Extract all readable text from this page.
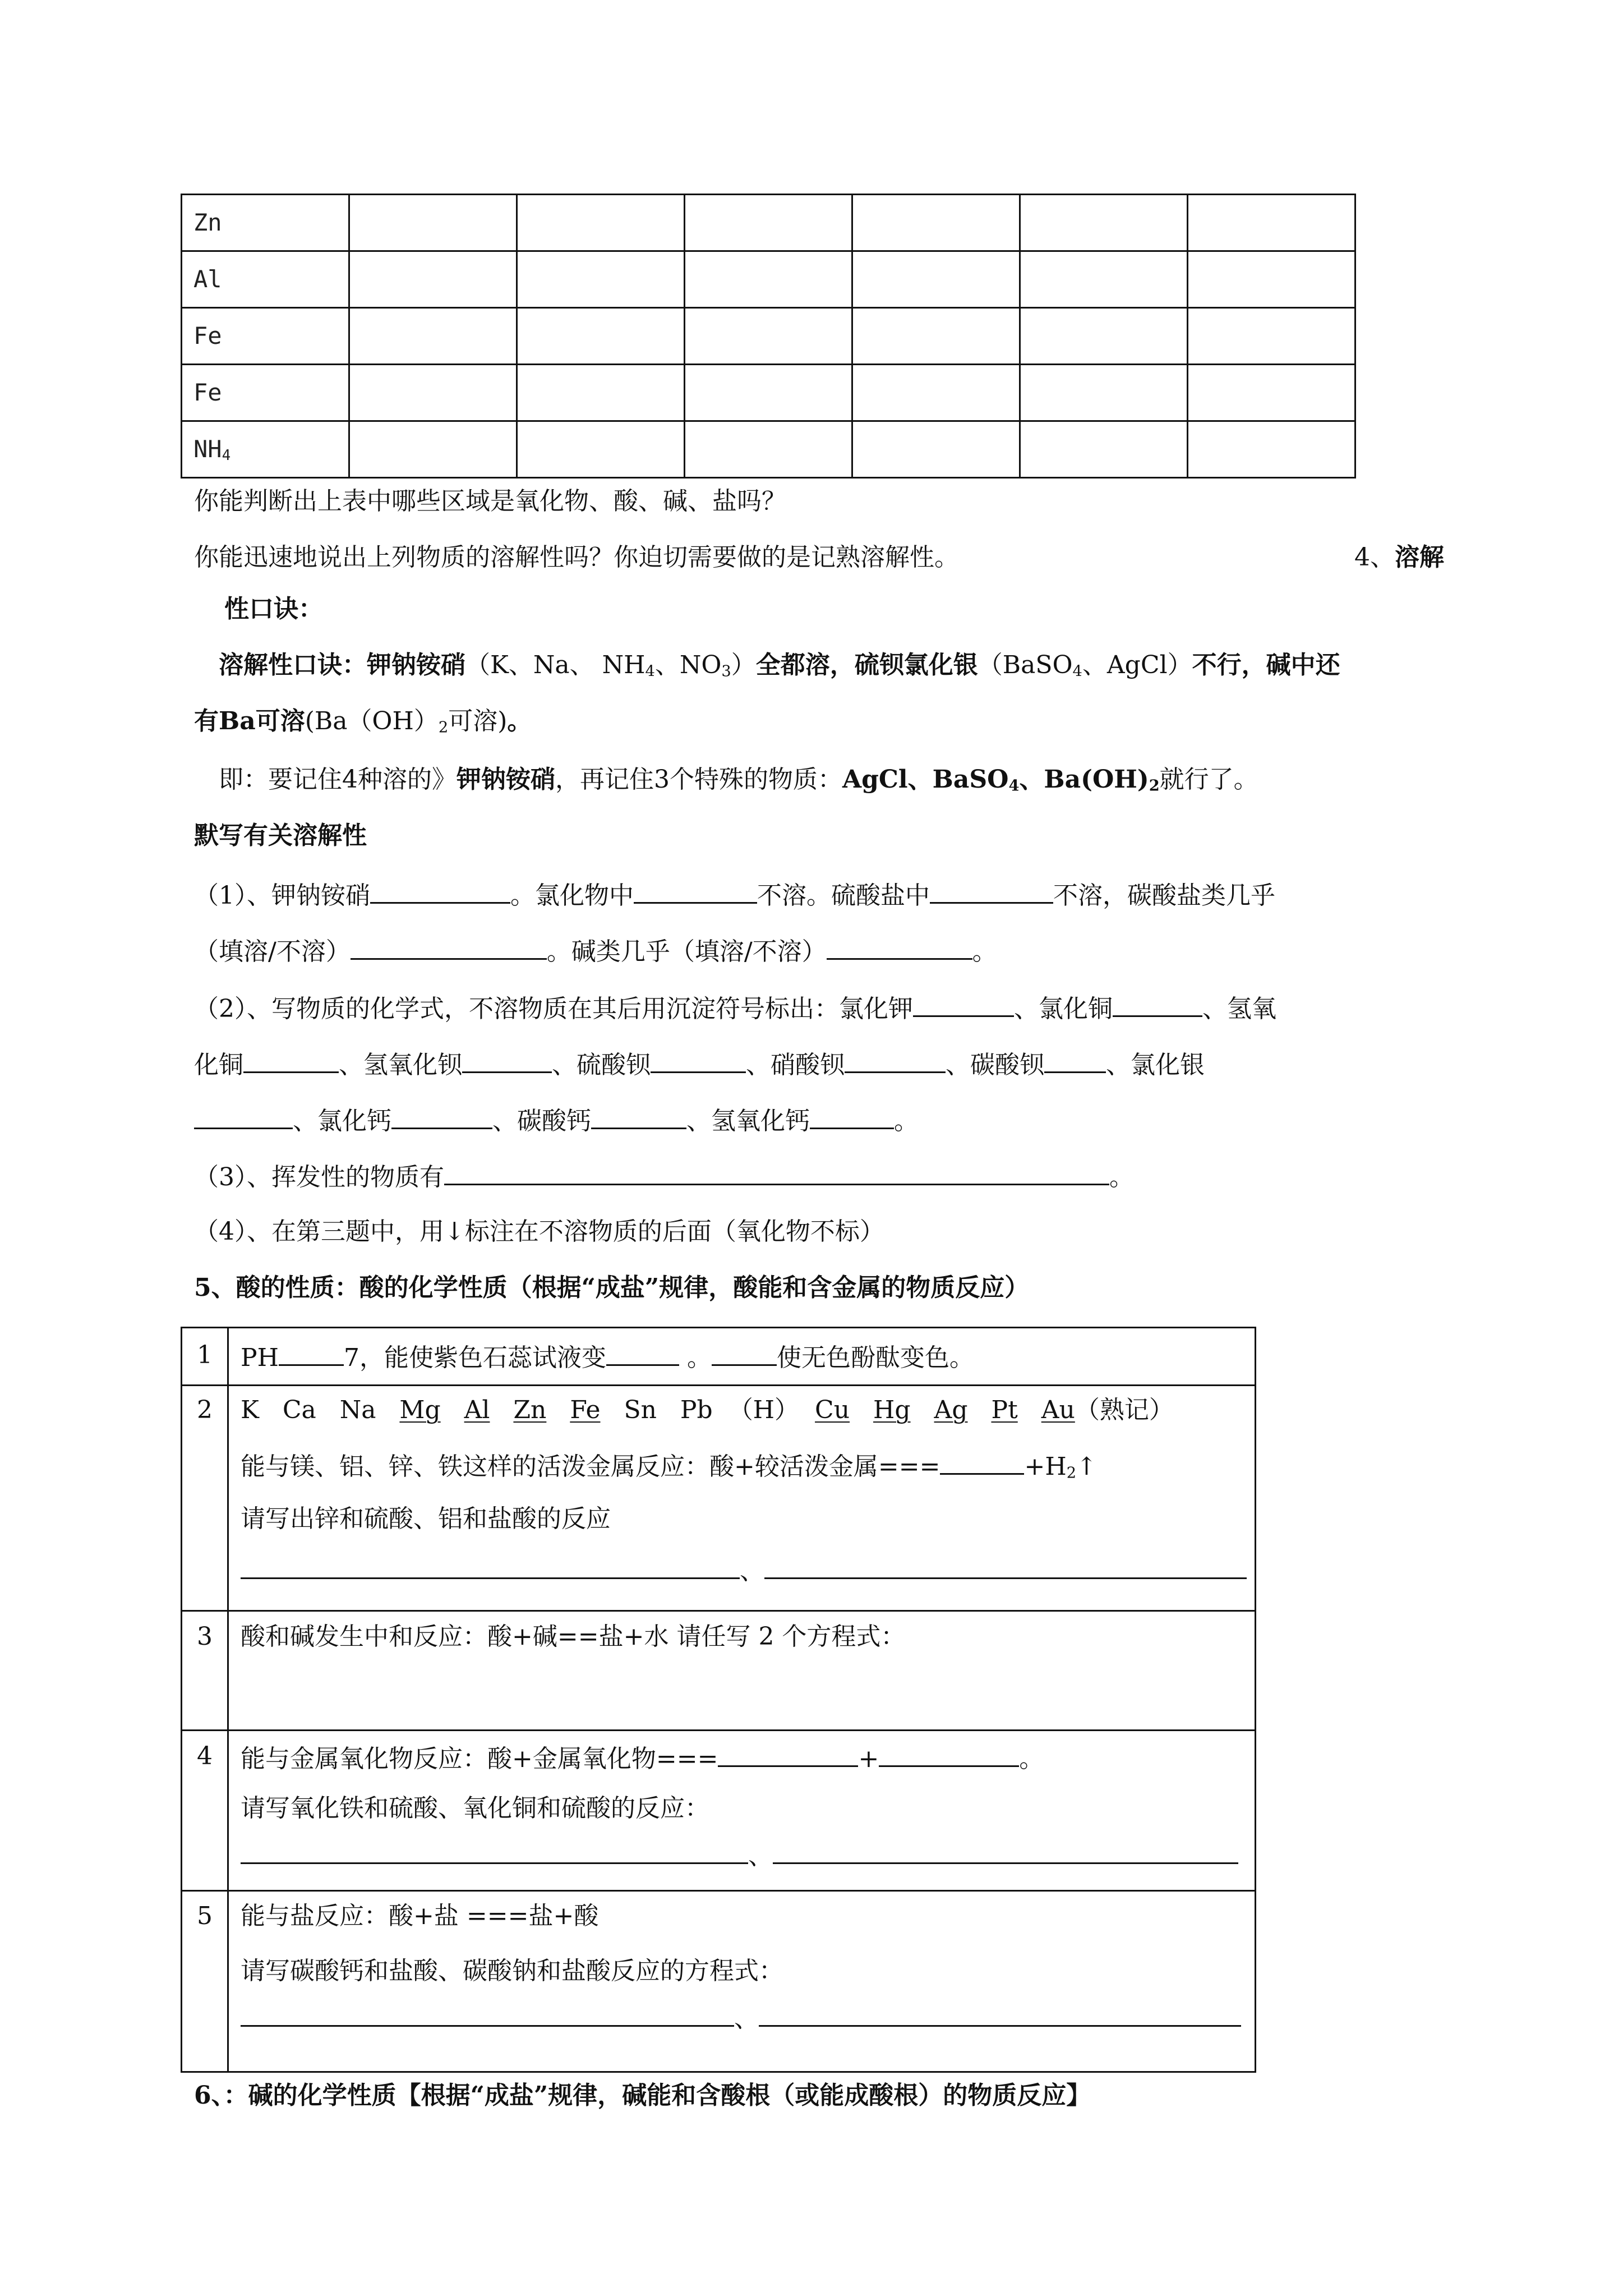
Zn						
Al						
Fe						
Fe						
$NH_4$						
你能判断出上表中哪些区域是氧化物、酸、碱、盐吗？
你能迅速地说出上列物质的溶解性吗？你迫切需要做的是记熟溶解性。	4、溶解
性口诀：
溶解性口诀：钾钠铵硝（K、Na、 $NH_4$、$NO_3$）全都溶，硫钡氯化银（BaSO$_4$、AgCl）不行，碱中还
有Ba可溶($Ba(OH)_2$可溶)。
即：要记住4种溶的》钾钠铵硝，再记住3个特殊的物质：AgCl、BaSO$_4$、$Ba(OH)_2$就行了。
默写有关溶解性
（1）、钾钠铵硝	。氯化物中	不溶。硫酸盐中	不溶，碳酸盐类几乎
（填溶/不溶）	。碱类几乎（填溶/不溶）	。
（2）、写物质的化学式，不溶物质在其后用沉淀符号标出：氯化钾	、氯化铜	、氢氧
化铜	、氢氧化钡	、硫酸钡	、硝酸钡	、碳酸钡	、氯化银
、氯化钙	、碳酸钙	、氢氧化钙	。
（3）、挥发性的物质有	。
（4）、在第三题中，用↓标注在不溶物质的后面（氧化物不标）
5、酸的性质：酸的化学性质（根据“成盐”规律，酸能和含金属的物质反应）
1	PH	7，能使紫色石蕊试液变	。	使无色酚酞变色。
2	K Ca Na Mg Al Zn Fe Sn Pb （H） Cu Hg Ag Pt Au（熟记）
能与镁、铝、锌、铁这样的活泼金属反应：酸+较活泼金属===	$+H_2↑$
请写出锌和硫酸、铝和盐酸的反应
、
3	酸和碱发生中和反应：酸+碱==盐+水 请任写 2 个方程式：
4	能与金属氧化物反应：酸+金属氧化物===	+	。
请写氧化铁和硫酸、氧化铜和硫酸的反应：
、
5	能与盐反应：酸+盐 ===盐+酸
请写碳酸钙和盐酸、碳酸钠和盐酸反应的方程式：
、
6、：碱的化学性质【根据“成盐”规律，碱能和含酸根（或能成酸根）的物质反应】
